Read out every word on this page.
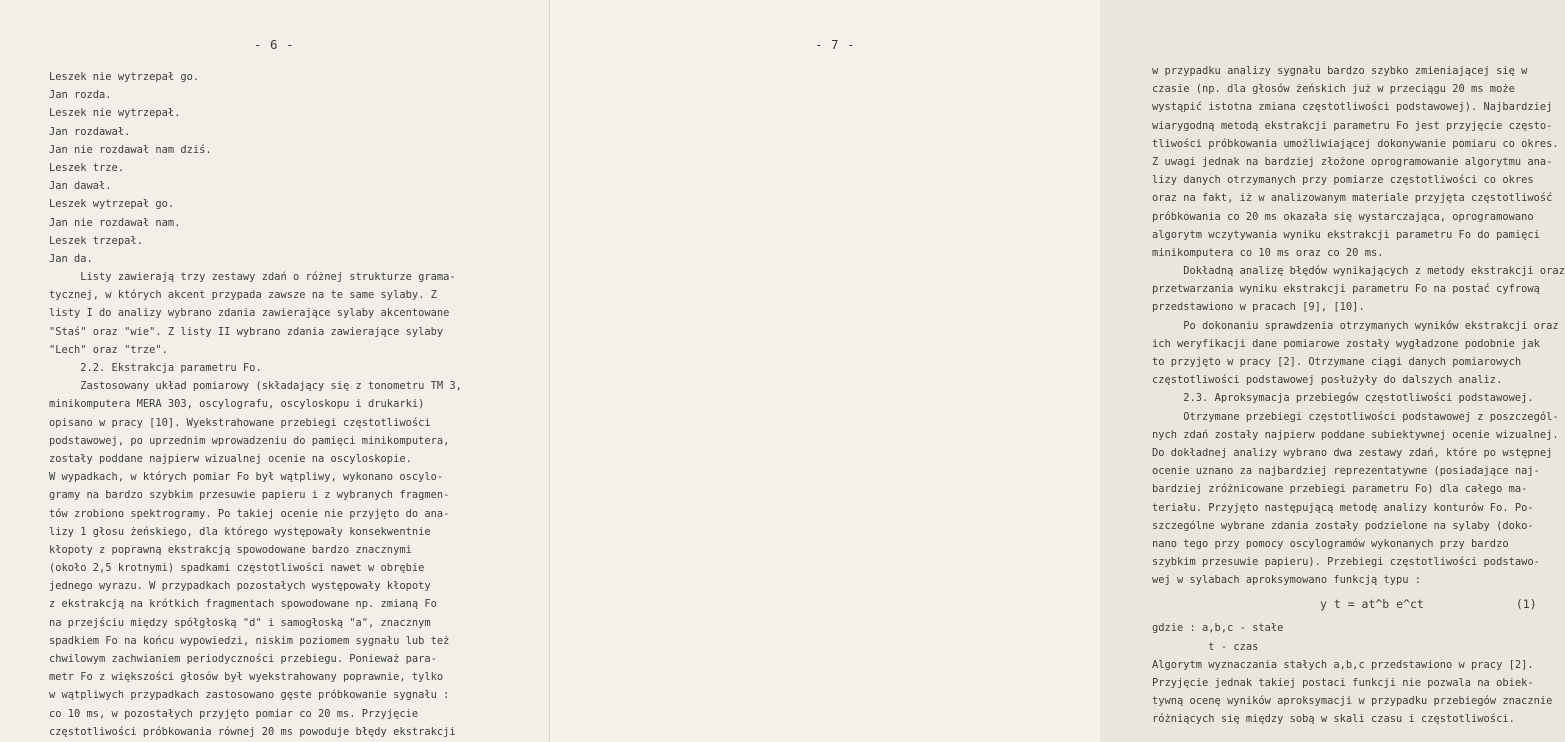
- 6 -
Leszek nie wytrzepał go.
Jan rozda.
Leszek nie wytrzepał.
Jan rozdawał.
Jan nie rozdawał nam dziś.
Leszek trze.
Jan dawał.
Leszek wytrzepał go.
Jan nie rozdawał nam.
Leszek trzepał.
Jan da.
Listy zawierają trzy zestawy zdań o różnej strukturze grama-
tycznej, w których akcent przypada zawsze na te same sylaby. Z
listy I do analizy wybrano zdania zawierające sylaby akcentowane
"Staś" oraz "wie". Z listy II wybrano zdania zawierające sylaby
"Lech" oraz "trze".
2.2. Ekstrakcja parametru Fo.
Zastosowany układ pomiarowy (składający się z tonometru TM 3,
minikomputera MERA 303, oscylografu, oscyloskopu i drukarki)
opisano w pracy [10]. Wyekstrahowane przebiegi częstotliwości
podstawowej, po uprzednim wprowadzeniu do pamięci minikomputera,
zostały poddane najpierw wizualnej ocenie na oscyloskopie.
W wypadkach, w których pomiar Fo był wątpliwy, wykonano oscylo-
gramy na bardzo szybkim przesuwie papieru i z wybranych fragmen-
tów zrobiono spektrogramy. Po takiej ocenie nie przyjęto do ana-
lizy 1 głosu żeńskiego, dla którego występowały konsekwentnie
kłopoty z poprawną ekstrakcją spowodowane bardzo znacznymi
(około 2,5 krotnymi) spadkami częstotliwości nawet w obrębie
jednego wyrazu. W przypadkach pozostałych występowały kłopoty
z ekstrakcją na krótkich fragmentach spowodowane np. zmianą Fo
na przejściu między spółgłoską "d" i samogłoską "a", znacznym
spadkiem Fo na końcu wypowiedzi, niskim poziomem sygnału lub też
chwilowym zachwianiem periodyczności przebiegu. Ponieważ para-
metr Fo z większości głosów był wyekstrahowany poprawnie, tylko
w wątpliwych przypadkach zastosowano gęste próbkowanie sygnału :
co 10 ms, w pozostałych przyjęto pomiar co 20 ms. Przyjęcie
częstotliwości próbkowania równej 20 ms powoduje błędy ekstrakcji
- 7 -
w przypadku analizy sygnału bardzo szybko zmieniającej się w
czasie (np. dla głosów żeńskich już w przeciągu 20 ms może
wystąpić istotna zmiana częstotliwości podstawowej). Najbardziej
wiarygodną metodą ekstrakcji parametru Fo jest przyjęcie często-
tliwości próbkowania umożliwiającej dokonywanie pomiaru co okres.
Z uwagi jednak na bardziej złożone oprogramowanie algorytmu ana-
lizy danych otrzymanych przy pomiarze częstotliwości co okres
oraz na fakt, iż w analizowanym materiale przyjęta częstotliwość
próbkowania co 20 ms okazała się wystarczająca, oprogramowano
algorytm wczytywania wyniku ekstrakcji parametru Fo do pamięci
minikomputera co 10 ms oraz co 20 ms.
Dokładną analizę błędów wynikających z metody ekstrakcji oraz
przetwarzania wyniku ekstrakcji parametru Fo na postać cyfrową
przedstawiono w pracach [9], [10].
Po dokonaniu sprawdzenia otrzymanych wyników ekstrakcji oraz
ich weryfikacji dane pomiarowe zostały wygładzone podobnie jak
to przyjęto w pracy [2]. Otrzymane ciągi danych pomiarowych
częstotliwości podstawowej posłużyły do dalszych analiz.
2.3. Aproksymacja przebiegów częstotliwości podstawowej.
Otrzymane przebiegi częstotliwości podstawowej z poszczegól-
nych zdań zostały najpierw poddane subiektywnej ocenie wizualnej.
Do dokładnej analizy wybrano dwa zestawy zdań, które po wstępnej
ocenie uznano za najbardziej reprezentatywne (posiadające naj-
bardziej zróżnicowane przebiegi parametru Fo) dla całego ma-
teriału. Przyjęto następującą metodę analizy konturów Fo. Po-
szczególne wybrane zdania zostały podzielone na sylaby (doko-
nano tego przy pomocy oscylogramów wykonanych przy bardzo
szybkim przesuwie papieru). Przebiegi częstotliwości podstawo-
wej w sylabach aproksymowano funkcją typu :
y t = at^b e^ct	(1)
gdzie : a,b,c - stałe
t - czas
Algorytm wyznaczania stałych a,b,c przedstawiono w pracy [2].
Przyjęcie jednak takiej postaci funkcji nie pozwala na obiek-
tywną ocenę wyników aproksymacji w przypadku przebiegów znacznie
różniących się między sobą w skali czasu i częstotliwości.
